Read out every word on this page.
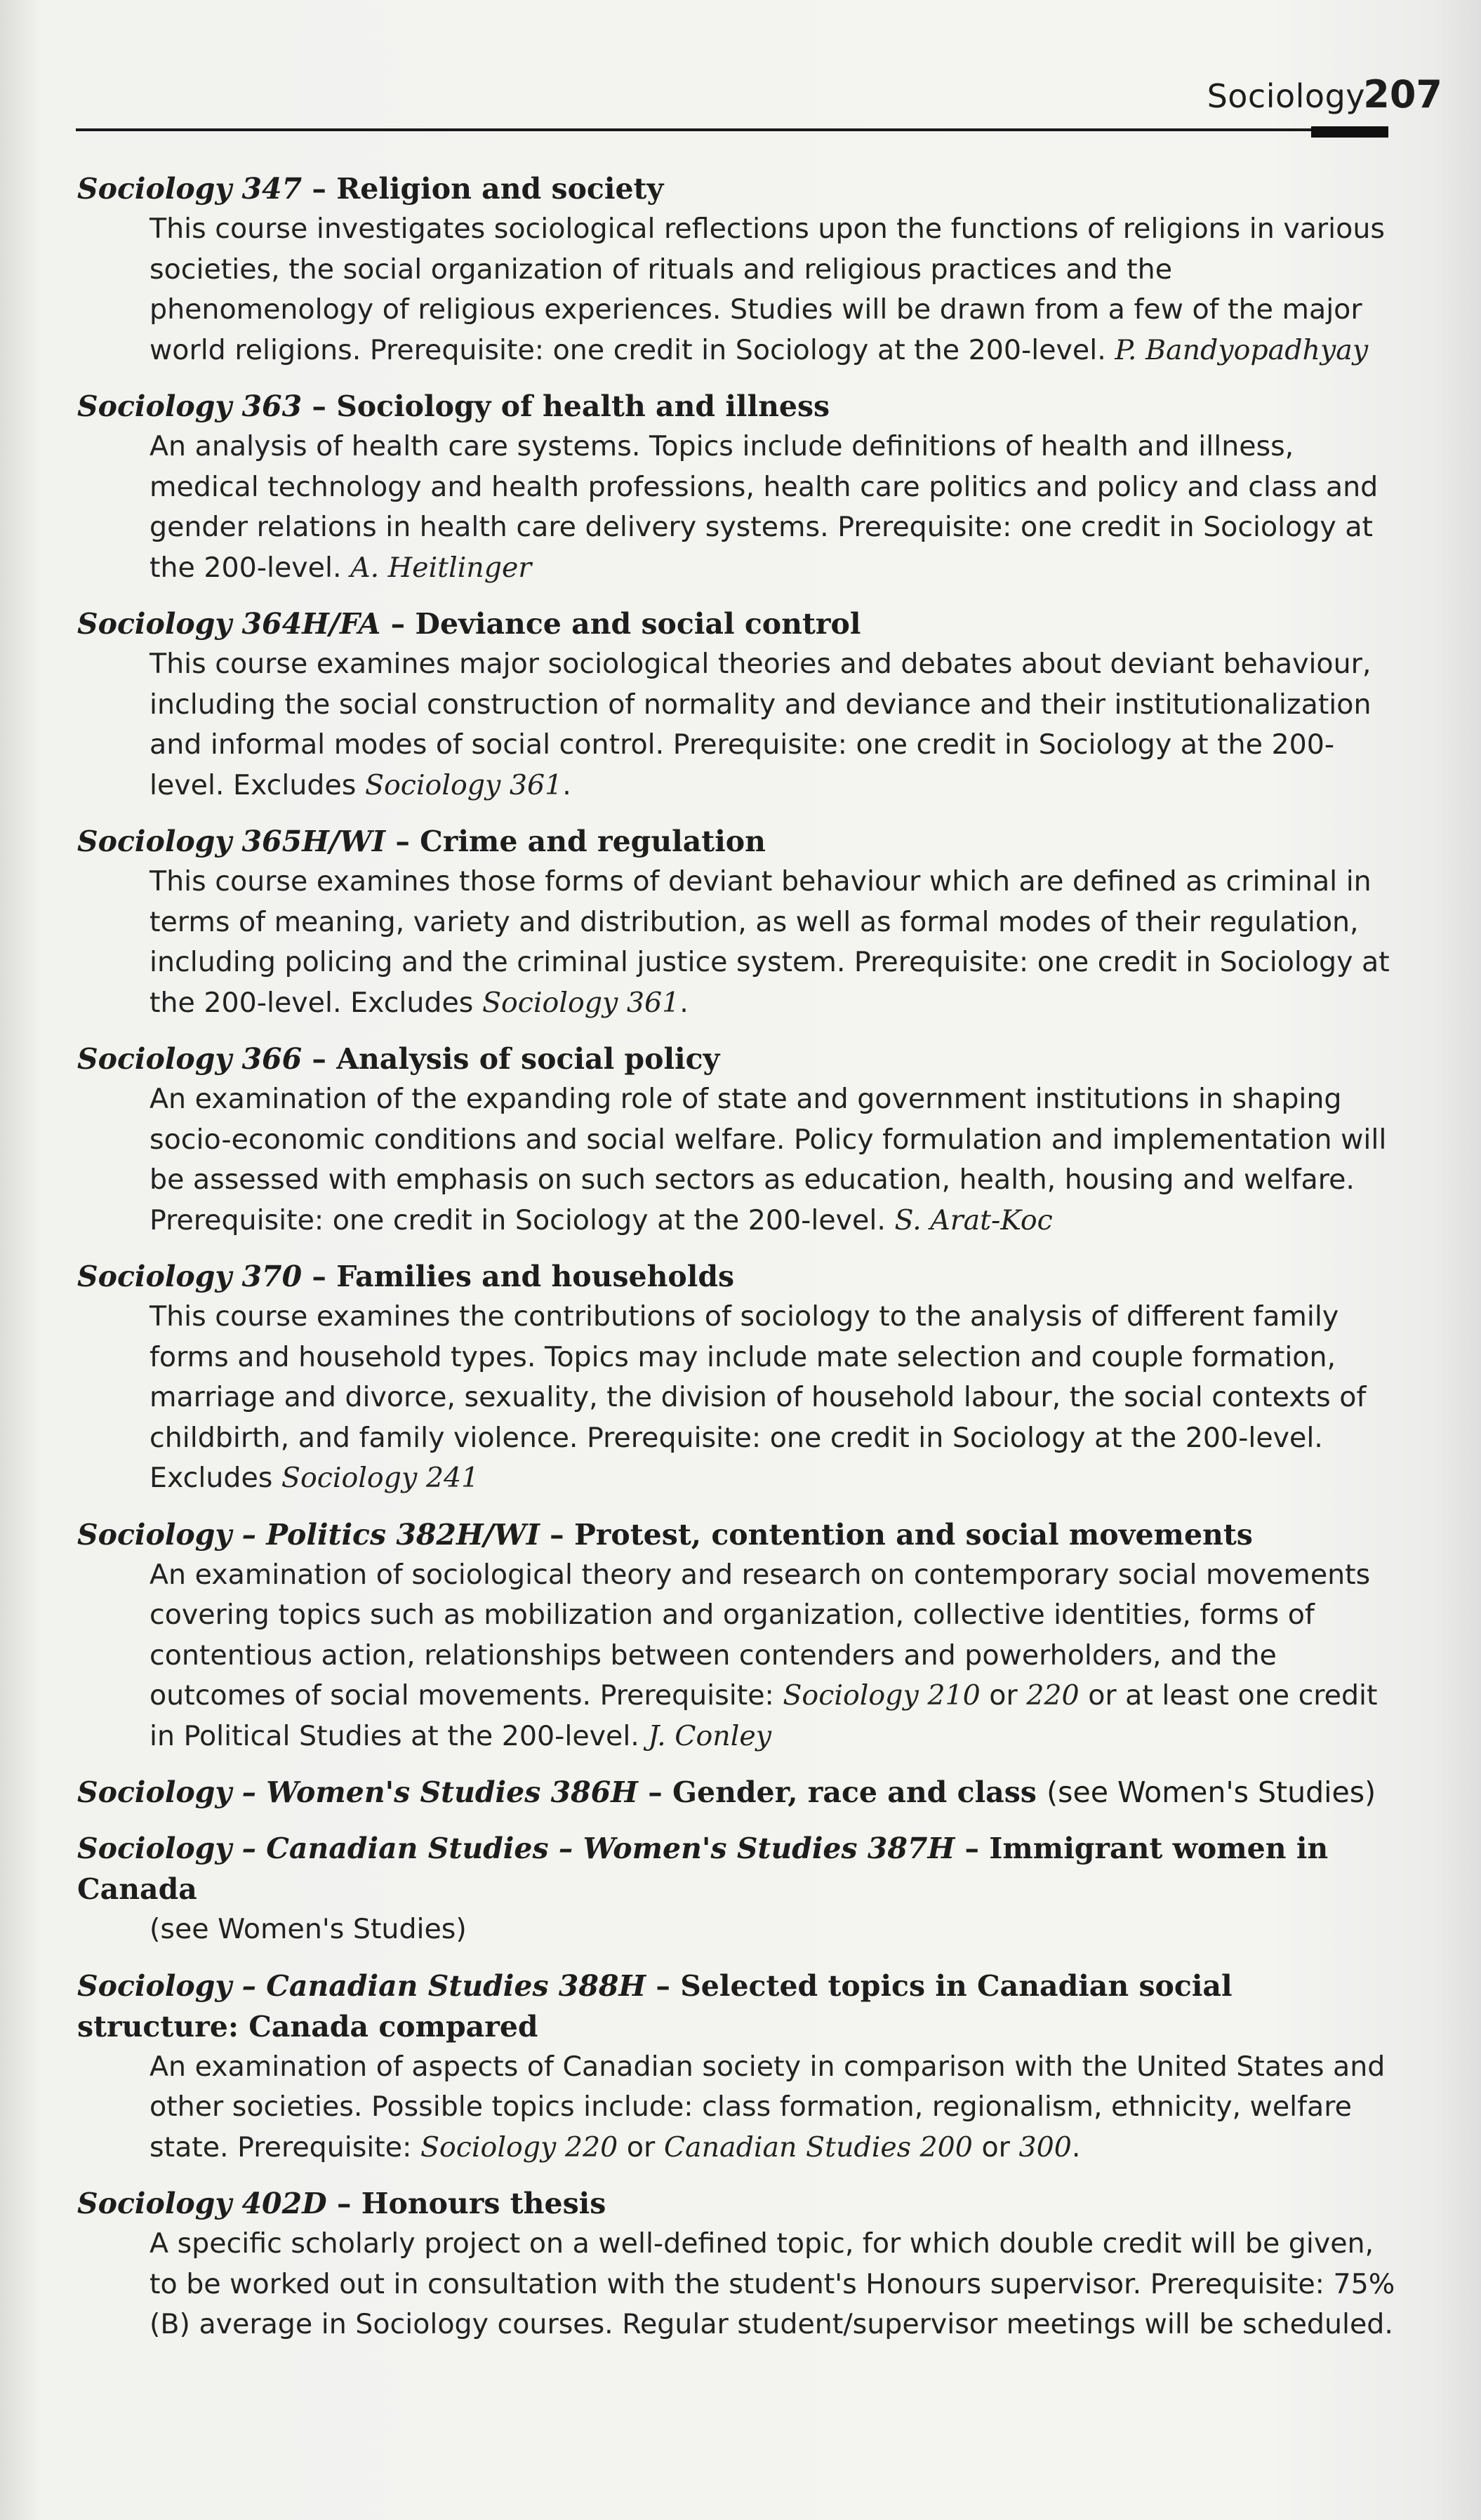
Sociology
207
Sociology 347 – Religion and society
This course investigates sociological reflections upon the functions of religions in various societies, the social organization of rituals and religious practices and the phenomenology of religious experiences. Studies will be drawn from a few of the major world religions. Prerequisite: one credit in Sociology at the 200-level. P. Bandyopadhyay
Sociology 363 – Sociology of health and illness
An analysis of health care systems. Topics include definitions of health and illness, medical technology and health professions, health care politics and policy and class and gender relations in health care delivery systems. Prerequisite: one credit in Sociology at the 200-level. A. Heitlinger
Sociology 364H/FA – Deviance and social control
This course examines major sociological theories and debates about deviant behaviour, including the social construction of normality and deviance and their institutionalization and informal modes of social control. Prerequisite: one credit in Sociology at the 200-level. Excludes Sociology 361.
Sociology 365H/WI – Crime and regulation
This course examines those forms of deviant behaviour which are defined as criminal in terms of meaning, variety and distribution, as well as formal modes of their regulation, including policing and the criminal justice system. Prerequisite: one credit in Sociology at the 200-level. Excludes Sociology 361.
Sociology 366 – Analysis of social policy
An examination of the expanding role of state and government institutions in shaping socio-economic conditions and social welfare. Policy formulation and implementation will be assessed with emphasis on such sectors as education, health, housing and welfare. Prerequisite: one credit in Sociology at the 200-level. S. Arat-Koc
Sociology 370 – Families and households
This course examines the contributions of sociology to the analysis of different family forms and household types. Topics may include mate selection and couple formation, marriage and divorce, sexuality, the division of household labour, the social contexts of childbirth, and family violence. Prerequisite: one credit in Sociology at the 200-level. Excludes Sociology 241
Sociology – Politics 382H/WI – Protest, contention and social movements
An examination of sociological theory and research on contemporary social movements covering topics such as mobilization and organization, collective identities, forms of contentious action, relationships between contenders and powerholders, and the outcomes of social movements. Prerequisite: Sociology 210 or 220 or at least one credit in Political Studies at the 200-level. J. Conley
Sociology – Women's Studies 386H – Gender, race and class (see Women's Studies)
Sociology – Canadian Studies – Women's Studies 387H – Immigrant women in Canada
(see Women's Studies)
Sociology – Canadian Studies 388H – Selected topics in Canadian social structure: Canada compared
An examination of aspects of Canadian society in comparison with the United States and other societies. Possible topics include: class formation, regionalism, ethnicity, welfare state. Prerequisite: Sociology 220 or Canadian Studies 200 or 300.
Sociology 402D – Honours thesis
A specific scholarly project on a well-defined topic, for which double credit will be given, to be worked out in consultation with the student's Honours supervisor. Prerequisite: 75% (B) average in Sociology courses. Regular student/supervisor meetings will be scheduled.
